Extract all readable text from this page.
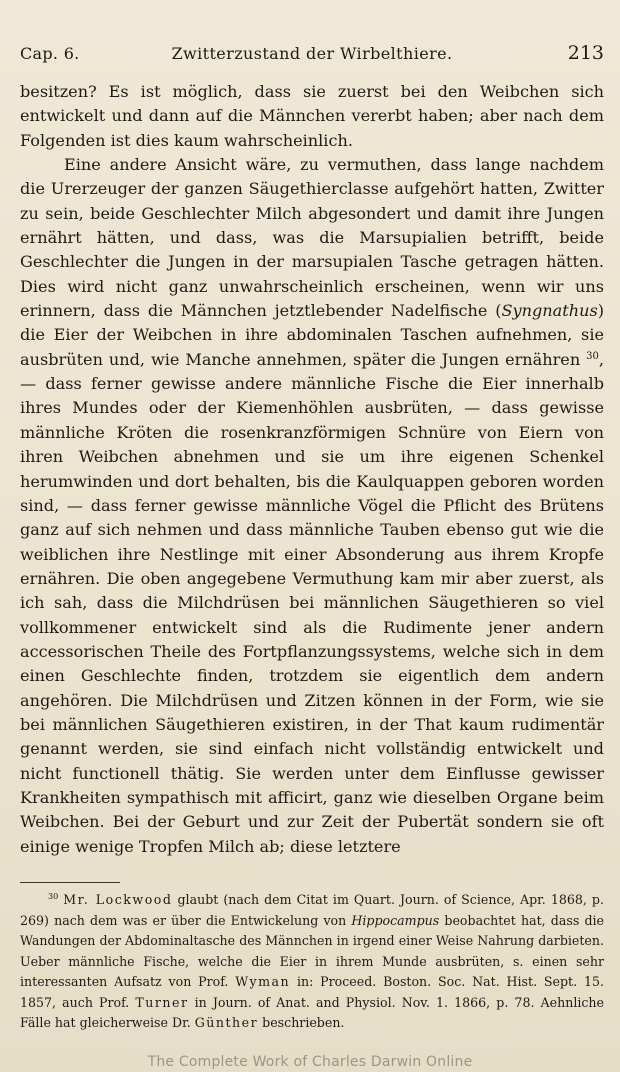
Cap. 6.	Zwitterzustand der Wirbelthiere.	213

besitzen? Es ist möglich, dass sie zuerst bei den Weibchen sich entwickelt und dann auf die Männchen vererbt haben; aber nach dem Folgenden ist dies kaum wahrscheinlich.

Eine andere Ansicht wäre, zu vermuthen, dass lange nachdem die Urerzeuger der ganzen Säugethierclasse aufgehört hatten, Zwitter zu sein, beide Geschlechter Milch abgesondert und damit ihre Jungen ernährt hätten, und dass, was die Marsupialien betrifft, beide Geschlechter die Jungen in der marsupialen Tasche getragen hätten. Dies wird nicht ganz unwahrscheinlich erscheinen, wenn wir uns erinnern, dass die Männchen jetztlebender Nadelfische (Syngnathus) die Eier der Weibchen in ihre abdominalen Taschen aufnehmen, sie ausbrüten und, wie Manche annehmen, später die Jungen ernähren $^{30}$, — dass ferner gewisse andere männliche Fische die Eier innerhalb ihres Mundes oder der Kiemenhöhlen ausbrüten, — dass gewisse männliche Kröten die rosenkranzförmigen Schnüre von Eiern von ihren Weibchen abnehmen und sie um ihre eigenen Schenkel herumwinden und dort behalten, bis die Kaulquappen geboren worden sind, — dass ferner gewisse männliche Vögel die Pflicht des Brütens ganz auf sich nehmen und dass männliche Tauben ebenso gut wie die weiblichen ihre Nestlinge mit einer Absonderung aus ihrem Kropfe ernähren. Die oben angegebene Vermuthung kam mir aber zuerst, als ich sah, dass die Milchdrüsen bei männlichen Säugethieren so viel vollkommener entwickelt sind als die Rudimente jener andern accessorischen Theile des Fortpflanzungssystems, welche sich in dem einen Geschlechte finden, trotzdem sie eigentlich dem andern angehören. Die Milchdrüsen und Zitzen können in der Form, wie sie bei männlichen Säugethieren existiren, in der That kaum rudimentär genannt werden, sie sind einfach nicht vollständig entwickelt und nicht functionell thätig. Sie werden unter dem Einflusse gewisser Krankheiten sympathisch mit afficirt, ganz wie dieselben Organe beim Weibchen. Bei der Geburt und zur Zeit der Pubertät sondern sie oft einige wenige Tropfen Milch ab; diese letztere

$^{30}$ Mr. Lockwood glaubt (nach dem Citat im Quart. Journ. of Science, Apr. 1868, p. 269) nach dem was er über die Entwickelung von Hippocampus beobachtet hat, dass die Wandungen der Abdominaltasche des Männchen in irgend einer Weise Nahrung darbieten. Ueber männliche Fische, welche die Eier in ihrem Munde ausbrüten, s. einen sehr interessanten Aufsatz von Prof. Wyman in: Proceed. Boston. Soc. Nat. Hist. Sept. 15. 1857, auch Prof. Turner in Journ. of Anat. and Physiol. Nov. 1. 1866, p. 78. Aehnliche Fälle hat gleicherweise Dr. Günther beschrieben.
The Complete Work of Charles Darwin Online
